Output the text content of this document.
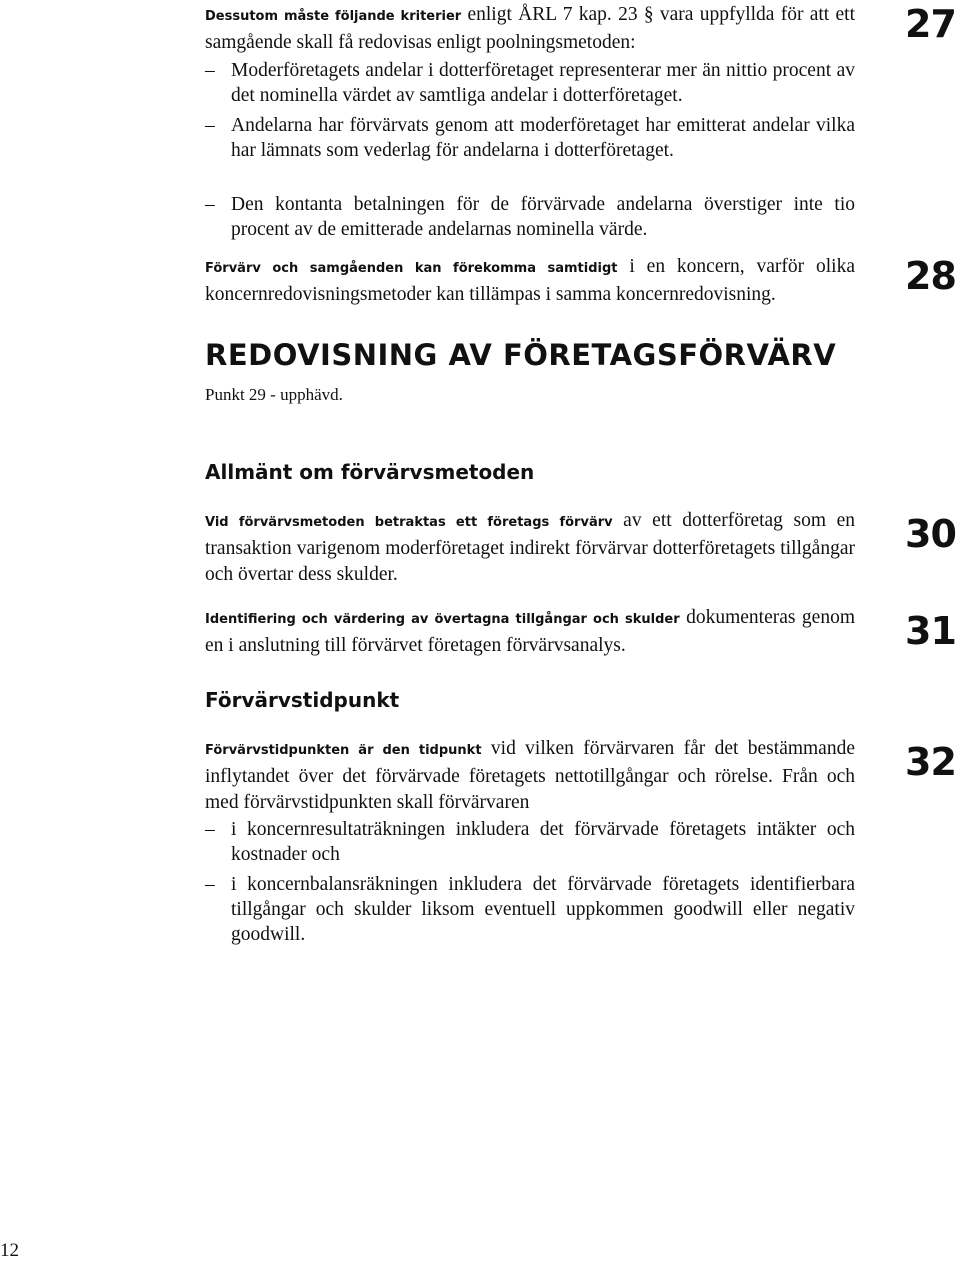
Dessutom måste följande kriterier enligt ÅRL 7 kap. 23 § vara uppfyllda för att ett samgående skall få redovisas enligt poolningsmetoden:
– Moderföretagets andelar i dotterföretaget representerar mer än nittio procent av det nominella värdet av samtliga andelar i dotterföretaget.
– Andelarna har förvärvats genom att moderföretaget har emitterat andelar vilka har lämnats som vederlag för andelarna i dotterföretaget.
– Den kontanta betalningen för de förvärvade andelarna överstiger inte tio procent av de emitterade andelarnas nominella värde.
Förvärv och samgåenden kan förekomma samtidigt i en koncern, varför olika koncernredovisningsmetoder kan tillämpas i samma koncernredovisning.
REDOVISNING AV FÖRETAGSFÖRVÄRV
Punkt 29 - upphävd.
Allmänt om förvärvsmetoden
Vid förvärvsmetoden betraktas ett företags förvärv av ett dotterföretag som en transaktion varigenom moderföretaget indirekt förvärvar dotterföretagets tillgångar och övertar dess skulder.
Identifiering och värdering av övertagna tillgångar och skulder dokumenteras genom en i anslutning till förvärvet företagen förvärvsanalys.
Förvärvstidpunkt
Förvärvstidpunkten är den tidpunkt vid vilken förvärvaren får det bestämmande inflytandet över det förvärvade företagets nettotillgångar och rörelse. Från och med förvärvstidpunkten skall förvärvaren
– i koncernresultaträkningen inkludera det förvärvade företagets intäkter och kostnader och
– i koncernbalansräkningen inkludera det förvärvade företagets identifierbara tillgångar och skulder liksom eventuell uppkommen goodwill eller negativ goodwill.
27
28
30
31
32
12
